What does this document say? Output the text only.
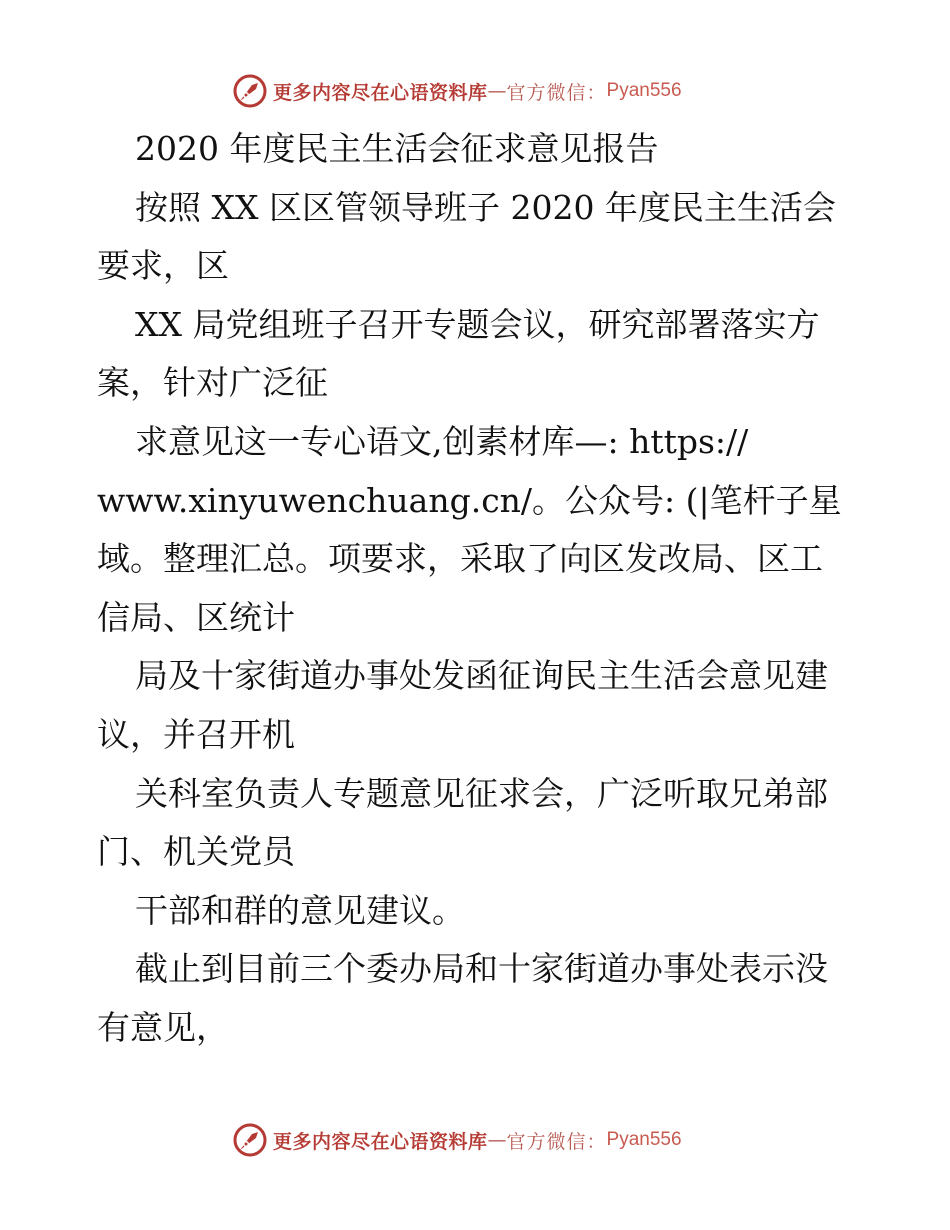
更多内容尽在心语资料库 — 官方微信： Pyan556
2020 年度民主生活会征求意见报告
按照 XX 区区管领导班子 2020 年度民主生活会
要求，区
XX 局党组班子召开专题会议，研究部署落实方
案，针对广泛征
求意见这一专心语文,创素材库—: https://
www.xinyuwenchuang.cn/。公众号: (|笔杆子星
域。整理汇总。项要求，采取了向区发改局、区工
信局、区统计
局及十家街道办事处发函征询民主生活会意见建
议，并召开机
关科室负责人专题意见征求会，广泛听取兄弟部
门、机关党员
干部和群的意见建议。
截止到目前三个委办局和十家街道办事处表示没
有意见，
更多内容尽在心语资料库 — 官方微信： Pyan556
